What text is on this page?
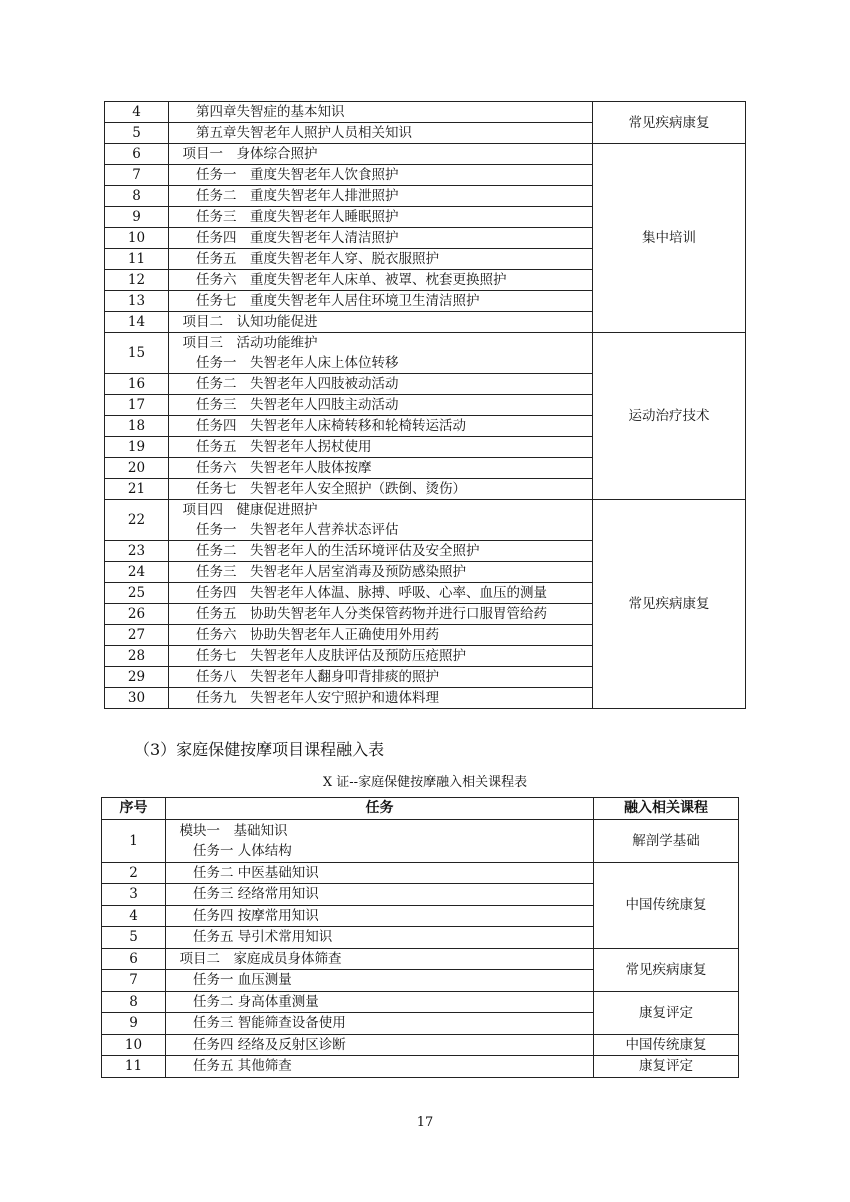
4	　　第四章失智症的基本知识	常见疾病康复
5	　　第五章失智老年人照护人员相关知识	
6	　项目一　身体综合照护	集中培训
7	　　任务一　重度失智老年人饮食照护	
8	　　任务二　重度失智老年人排泄照护	
9	　　任务三　重度失智老年人睡眠照护	
10	　　任务四　重度失智老年人清洁照护	
11	　　任务五　重度失智老年人穿、脱衣服照护	
12	　　任务六　重度失智老年人床单、被罩、枕套更换照护	
13	　　任务七　重度失智老年人居住环境卫生清洁照护	
14	　项目二　认知功能促进	
15	　项目三　活动功能维护
　　任务一　失智老年人床上体位转移	运动治疗技术
16	　　任务二　失智老年人四肢被动活动	
17	　　任务三　失智老年人四肢主动活动	
18	　　任务四　失智老年人床椅转移和轮椅转运活动	
19	　　任务五　失智老年人拐杖使用	
20	　　任务六　失智老年人肢体按摩	
21	　　任务七　失智老年人安全照护（跌倒、烫伤）	
22	　项目四　健康促进照护
　　任务一　失智老年人营养状态评估	常见疾病康复
23	　　任务二　失智老年人的生活环境评估及安全照护	
24	　　任务三　失智老年人居室消毒及预防感染照护	
25	　　任务四　失智老年人体温、脉搏、呼吸、心率、血压的测量	
26	　　任务五　协助失智老年人分类保管药物并进行口服胃管给药	
27	　　任务六　协助失智老年人正确使用外用药	
28	　　任务七　失智老年人皮肤评估及预防压疮照护	
29	　　任务八　失智老年人翻身叩背排痰的照护	
30	　　任务九　失智老年人安宁照护和遗体料理	
（3）家庭保健按摩项目课程融入表
X 证--家庭保健按摩融入相关课程表
序号	任务	融入相关课程
1	　模块一　基础知识
　　任务一 人体结构	解剖学基础
2	　　任务二 中医基础知识	中国传统康复
3	　　任务三 经络常用知识	
4	　　任务四 按摩常用知识	
5	　　任务五 导引术常用知识	
6	　项目二　家庭成员身体筛查	常见疾病康复
7	　　任务一 血压测量	
8	　　任务二 身高体重测量	康复评定
9	　　任务三 智能筛查设备使用	
10	　　任务四 经络及反射区诊断	中国传统康复
11	　　任务五 其他筛查	康复评定
17
